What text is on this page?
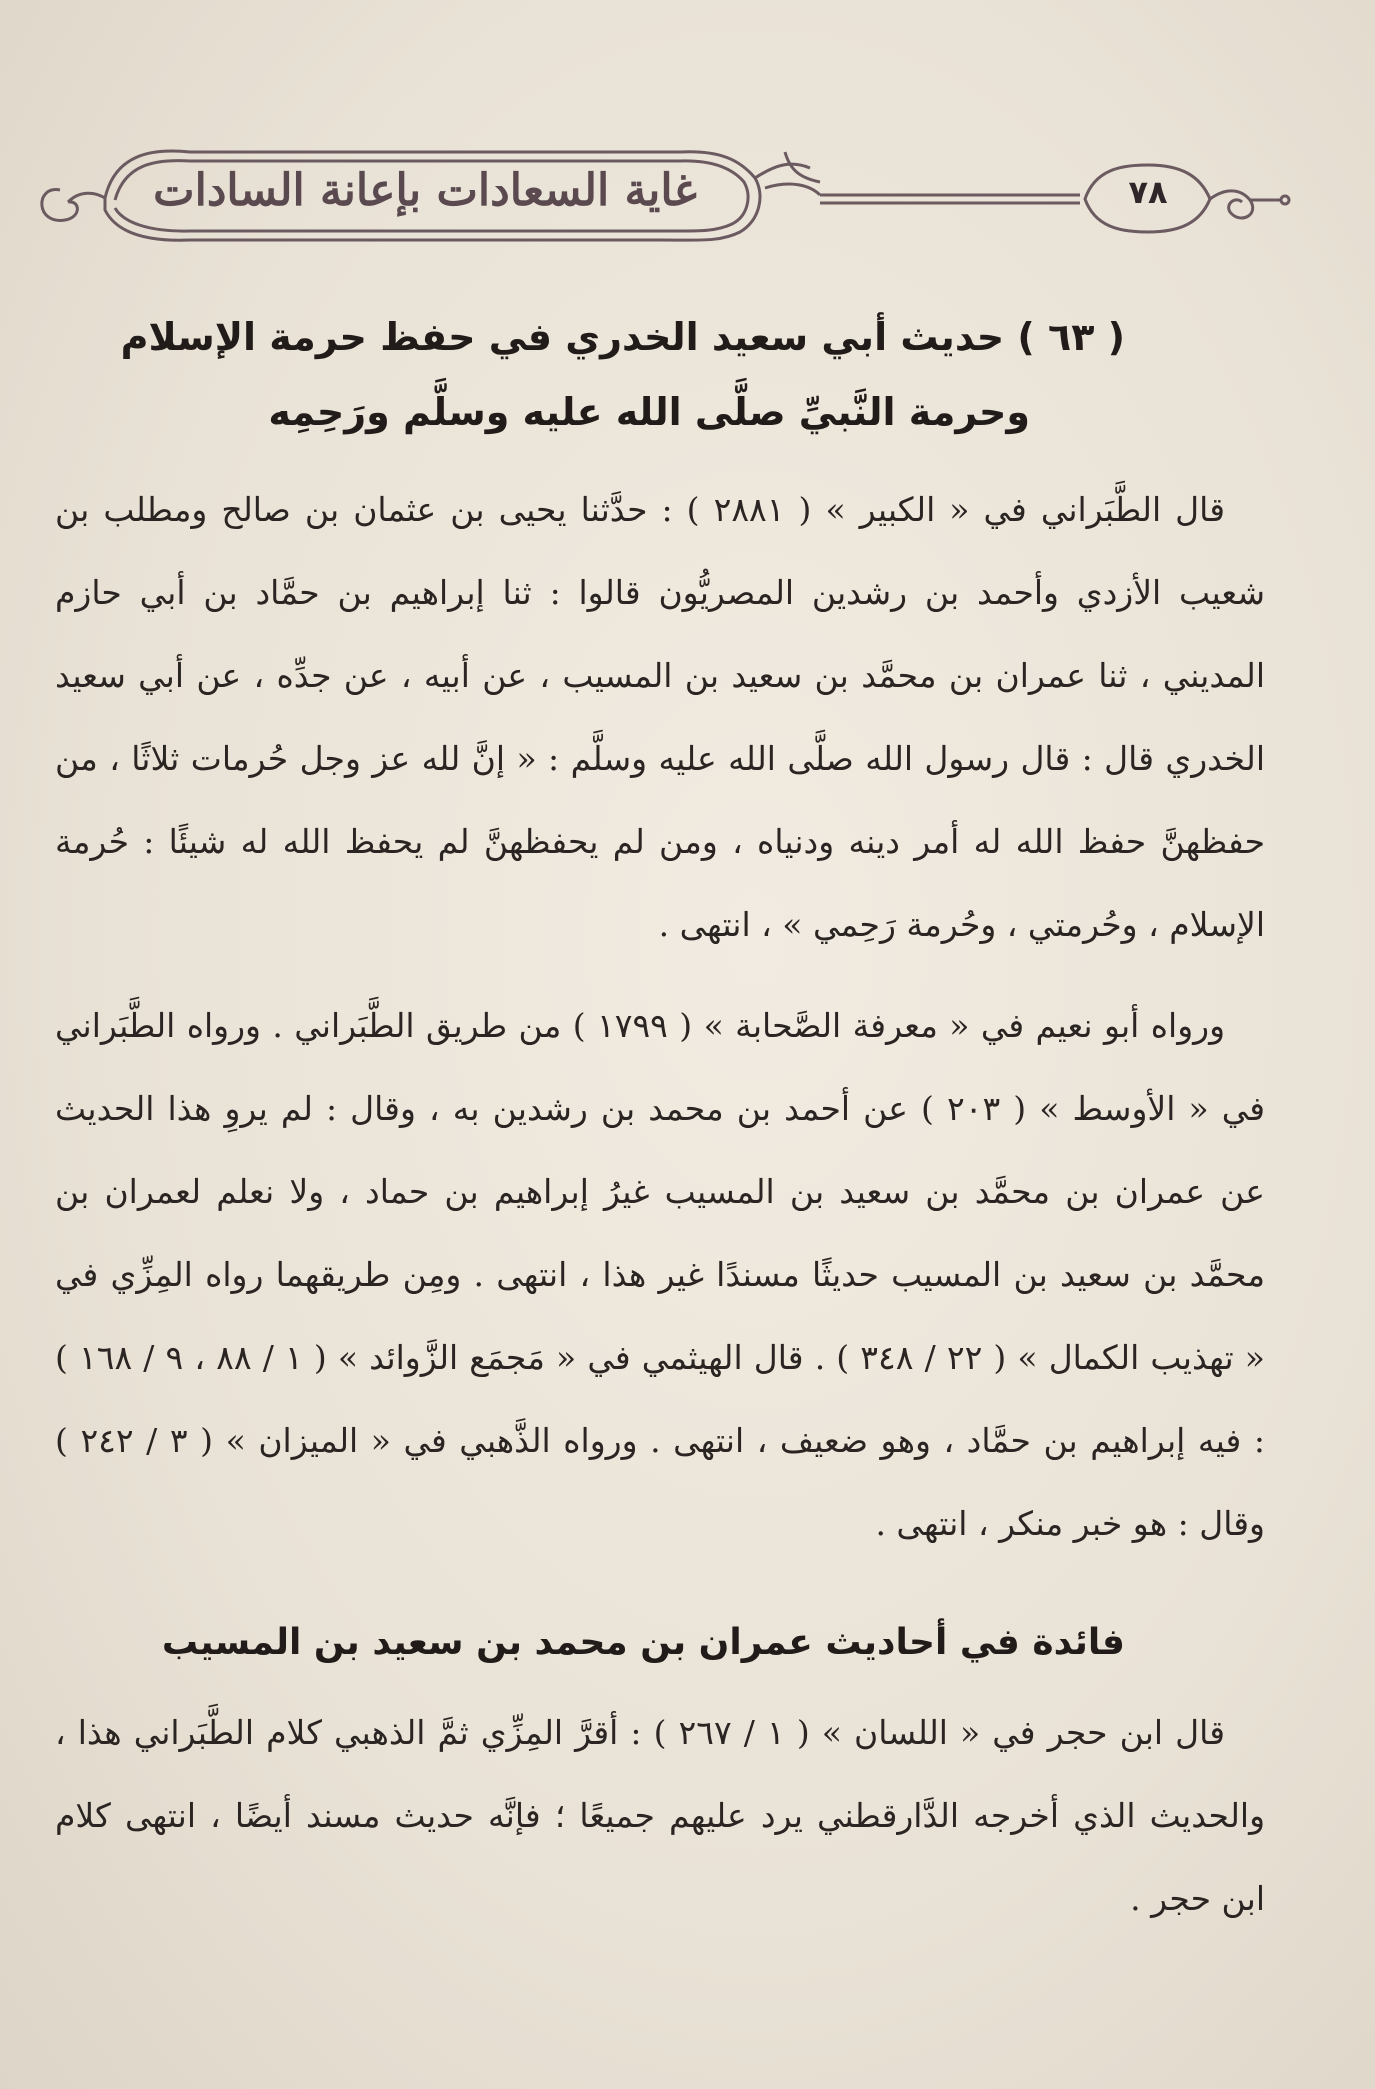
غاية السعادات بإعانة السادات	٧٨
( ٦٣ ) حديث أبي سعيد الخدري في حفظ حرمة الإسلام
وحرمة النَّبيِّ صلَّى الله عليه وسلَّم ورَحِمِه

قال الطَّبَراني في « الكبير » ( ٢٨٨١ ) : حدَّثنا يحيى بن عثمان بن صالح ومطلب بن شعيب الأزدي وأحمد بن رشدين المصريُّون قالوا : ثنا إبراهيم بن حمَّاد بن أبي حازم المديني ، ثنا عمران بن محمَّد بن سعيد بن المسيب ، عن أبيه ، عن جدِّه ، عن أبي سعيد الخدري قال : قال رسول الله صلَّى الله عليه وسلَّم : « إنَّ لله عز وجل حُرمات ثلاثًا ، من حفظهنَّ حفظ الله له أمر دينه ودنياه ، ومن لم يحفظهنَّ لم يحفظ الله له شيئًا : حُرمة الإسلام ، وحُرمتي ، وحُرمة رَحِمي » ، انتهى .

ورواه أبو نعيم في « معرفة الصَّحابة » ( ١٧٩٩ ) من طريق الطَّبَراني . ورواه الطَّبَراني في « الأوسط » ( ٢٠٣ ) عن أحمد بن محمد بن رشدين به ، وقال : لم يروِ هذا الحديث عن عمران بن محمَّد بن سعيد بن المسيب غيرُ إبراهيم بن حماد ، ولا نعلم لعمران بن محمَّد بن سعيد بن المسيب حديثًا مسندًا غير هذا ، انتهى . ومِن طريقهما رواه المِزِّي في « تهذيب الكمال » ( ٢٢ / ٣٤٨ ) . قال الهيثمي في « مَجمَع الزَّوائد » ( ١ / ٨٨ ، ٩ / ١٦٨ ) : فيه إبراهيم بن حمَّاد ، وهو ضعيف ، انتهى . ورواه الذَّهبي في « الميزان » ( ٣ / ٢٤٢ ) وقال : هو خبر منكر ، انتهى .

فائدة في أحاديث عمران بن محمد بن سعيد بن المسيب

قال ابن حجر في « اللسان » ( ١ / ٢٦٧ ) : أقرَّ المِزِّي ثمَّ الذهبي كلام الطَّبَراني هذا ، والحديث الذي أخرجه الدَّارقطني يرد عليهم جميعًا ؛ فإنَّه حديث مسند أيضًا ، انتهى كلام ابن حجر .
